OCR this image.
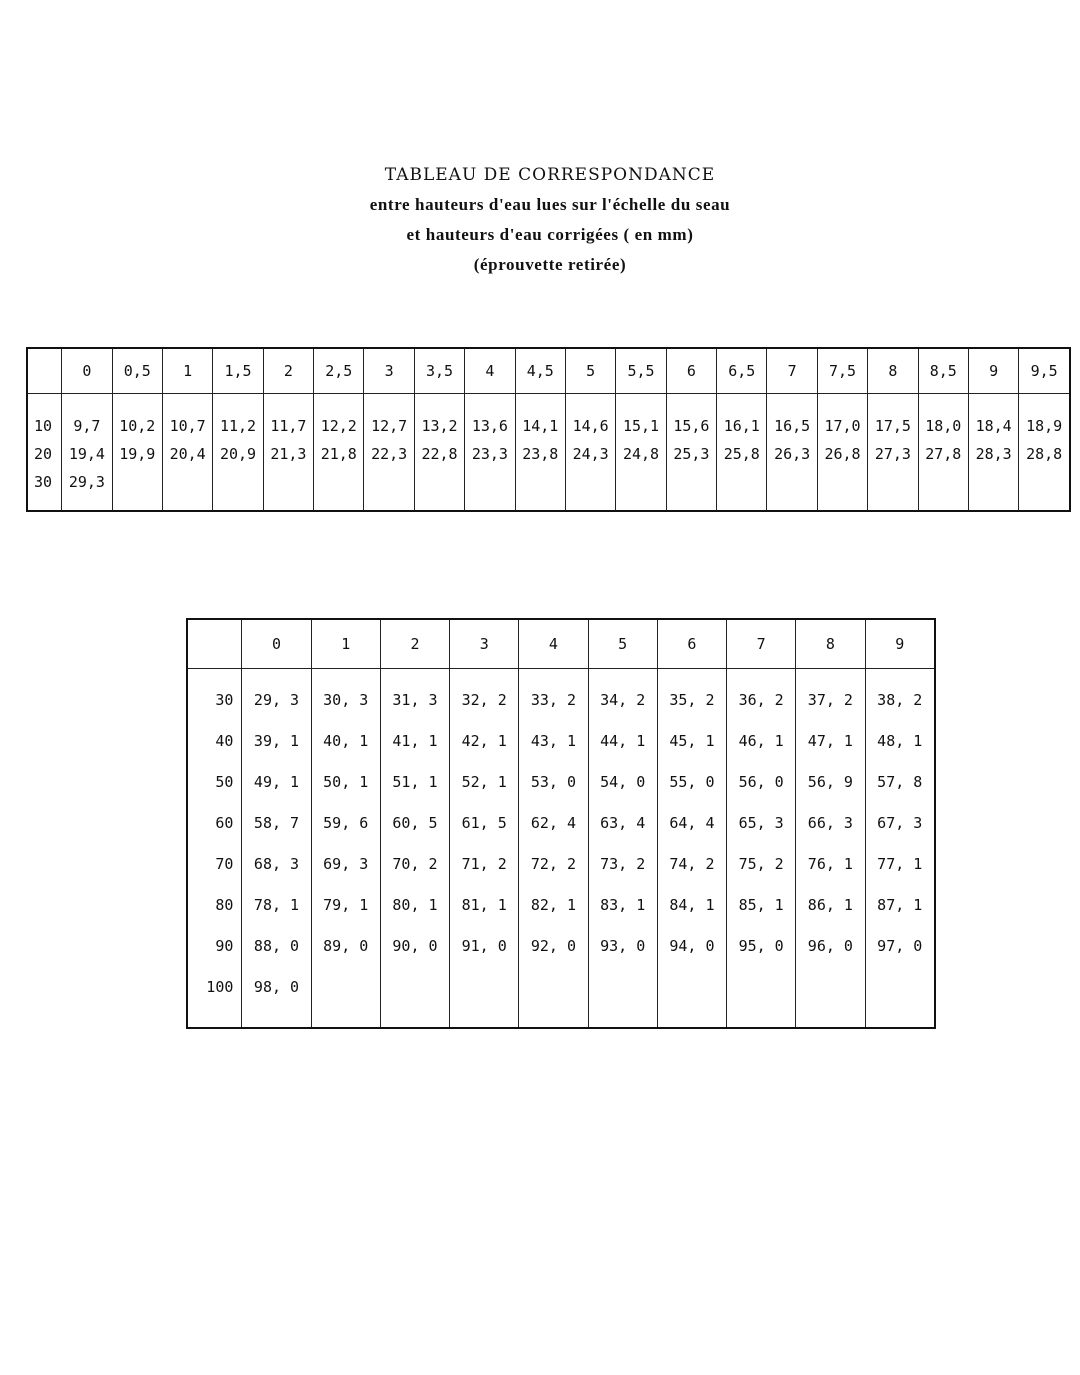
TABLEAU DE CORRESPONDANCE
entre hauteurs d'eau lues sur l'échelle du seau
et hauteurs d'eau corrigées ( en mm)
(éprouvette retirée)
	0	0,5	1	1,5	2	2,5	3	3,5	4	4,5	5	5,5	6	6,5	7	7,5	8	8,5	9	9,5
10	9,7	10,2	10,7	11,2	11,7	12,2	12,7	13,2	13,6	14,1	14,6	15,1	15,6	16,1	16,5	17,0	17,5	18,0	18,4	18,9
20	19,4	19,9	20,4	20,9	21,3	21,8	22,3	22,8	23,3	23,8	24,3	24,8	25,3	25,8	26,3	26,8	27,3	27,8	28,3	28,8
30	29,3																			
	0	1	2	3	4	5	6	7	8	9
30	29, 3	30, 3	31, 3	32, 2	33, 2	34, 2	35, 2	36, 2	37, 2	38, 2
40	39, 1	40, 1	41, 1	42, 1	43, 1	44, 1	45, 1	46, 1	47, 1	48, 1
50	49, 1	50, 1	51, 1	52, 1	53, 0	54, 0	55, 0	56, 0	56, 9	57, 8
60	58, 7	59, 6	60, 5	61, 5	62, 4	63, 4	64, 4	65, 3	66, 3	67, 3
70	68, 3	69, 3	70, 2	71, 2	72, 2	73, 2	74, 2	75, 2	76, 1	77, 1
80	78, 1	79, 1	80, 1	81, 1	82, 1	83, 1	84, 1	85, 1	86, 1	87, 1
90	88, 0	89, 0	90, 0	91, 0	92, 0	93, 0	94, 0	95, 0	96, 0	97, 0
100	98, 0									
